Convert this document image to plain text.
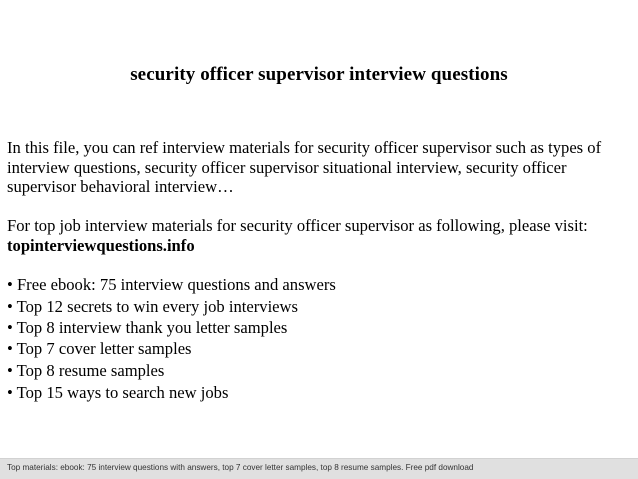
security officer supervisor interview questions
In this file, you can ref interview materials for security officer supervisor such as types of interview questions, security officer supervisor situational interview, security officer supervisor behavioral interview…
For top job interview materials for security officer supervisor as following, please visit:
topinterviewquestions.info
• Free ebook: 75 interview questions and answers
• Top 12 secrets to win every job interviews
• Top 8 interview thank you letter samples
• Top 7 cover letter samples
• Top 8 resume samples
• Top 15 ways to search new jobs
Top materials: ebook: 75 interview questions with answers, top 7 cover letter samples, top 8 resume samples. Free pdf download
